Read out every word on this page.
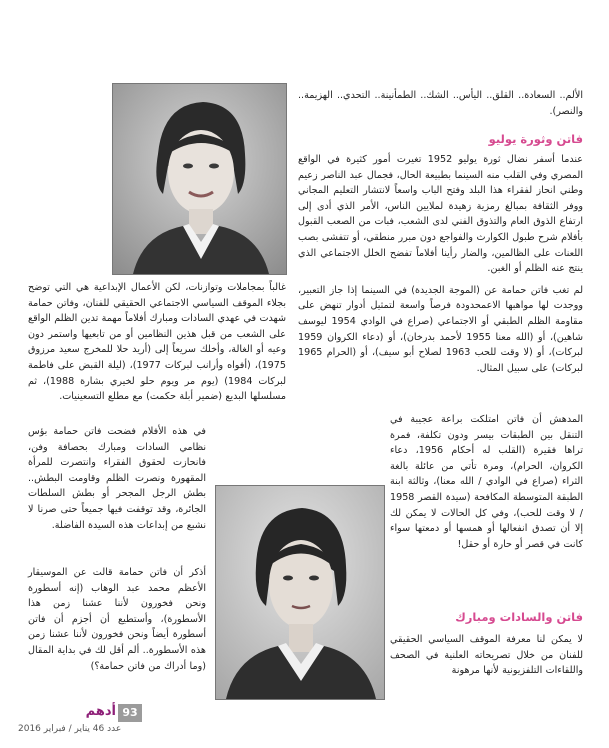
الألم.. السعادة.. القلق.. اليأس.. الشك.. الطمأنينة.. التحدي.. الهزيمة.. والنصر).

فاتن وثورة يوليو

عندما أسفر نضال ثورة يوليو 1952 تغيرت أمور كثيرة في الواقع المصري وفي القلب منه السينما بطبيعة الحال، فجمال عبد الناصر زعيم وطني انحاز لفقراء هذا البلد وفتح الباب واسعاً لانتشار التعليم المجاني ووفر الثقافة بمبالغ رمزية زهيدة لملايين الناس، الأمر الذي أدى إلى ارتفاع الذوق العام والتذوق الفني لدى الشعب، فبات من الصعب القبول بأفلام شرح طبول الكوارث والفواجع دون مبرر منطقي، أو تتفشى بصب اللعنات على الظالمين، والضار رأينا أفلاماً تفضح الخلل الاجتماعي الذي ينتج عنه الظلم أو الغبن.

لم تغب فاتن حمامة عن (الموجة الجديدة) في السينما إذا جاز التعبير، ووجدت لها مواهبها الاعمحدودة فرصاً واسعة لتمثيل أدوار تنهض على مقاومة الظلم الطبقي أو الاجتماعي (صراع في الوادي 1954 ليوسف شاهين)، أو (الله معنا 1955 لأحمد بدرخان)، أو (دعاء الكروان 1959 لبركات)، أو (لا وقت للحب 1963 لصلاح أبو سيف)، أو (الحرام 1965 لبركات) على سبيل المثال.

المدهش أن فاتن امتلكت براعة عجيبة في التنقل بين الطبقات بيسر ودون تكلفة، فمرة تراها فقيرة (القلب له أحكام 1956، دعاء الكروان، الحرام)، ومرة تأتي من عائلة بالغة الثراء (صراع في الوادي / الله معنا)، وثالثة ابنة الطبقة المتوسطة المكافحة (سيدة القصر 1958 / لا وقت للحب)، وفي كل الحالات لا يمكن لك إلا أن تصدق انفعالها أو همسها أو دمعتها سواء كانت في قصر أو حارة أو حقل!

فاتن والسادات ومبارك

لا يمكن لنا معرفة الموقف السياسي الحقيقي للفنان من خلال تصريحاته العلنية في الصحف واللقاءات التلفزيونية لأنها مرهونة

غالباً بمجاملات وتوازنات، لكن الأعمال الإبداعية هي التي توضح بجلاء الموقف السياسي الاجتماعي الحقيقي للفنان، وفاتن حمامة شهدت في عهدي السادات ومبارك أفلاماً مهمة تدين الظلم الواقع على الشعب من قبل هذين النظامين أو من تابعيها واستمر دون وعيه أو الغالة، وأخلك سريعاً إلى (أريد حلا للمخرج سعيد مرزوق 1975)، (أفواه وأرانب لبركات 1977)، (ليلة القبض على فاطمة لبركات 1984) (يوم مر ويوم حلو لخيري بشارة 1988)، ثم مسلسلها البديع (ضمير أبلة حكمت) مع مطلع التسعينيات.

في هذه الأفلام فضحت فاتن حمامة بؤس نظامي السادات ومبارك بحصافة وفن، فانحازت لحقوق الفقراء وانتصرت للمرأة المقهورة ونصرت الظلم وقاومت البطش.. بطش الرجل المجحر أو بطش السلطات الجائرة، وقد توقفت فيها جميعاً حتى صرنا لا نشبع من إبداعات هذه السيدة الفاضلة.

أذكر أن فاتن حمامة قالت عن الموسيقار الأعظم محمد عبد الوهاب (إنه أسطورة ونحن فخورون لأننا عشنا زمن هذا الأسطورة)، وأستطيع أن أجزم أن فاتن أسطورة أيضاً ونحن فخورون لأننا عشنا زمن هذه الأسطورة.. ألم أقل لك في بداية المقال (وما أدراك من فاتن حمامة؟)

أدهم 93
عدد 46 يناير / فبراير 2016
